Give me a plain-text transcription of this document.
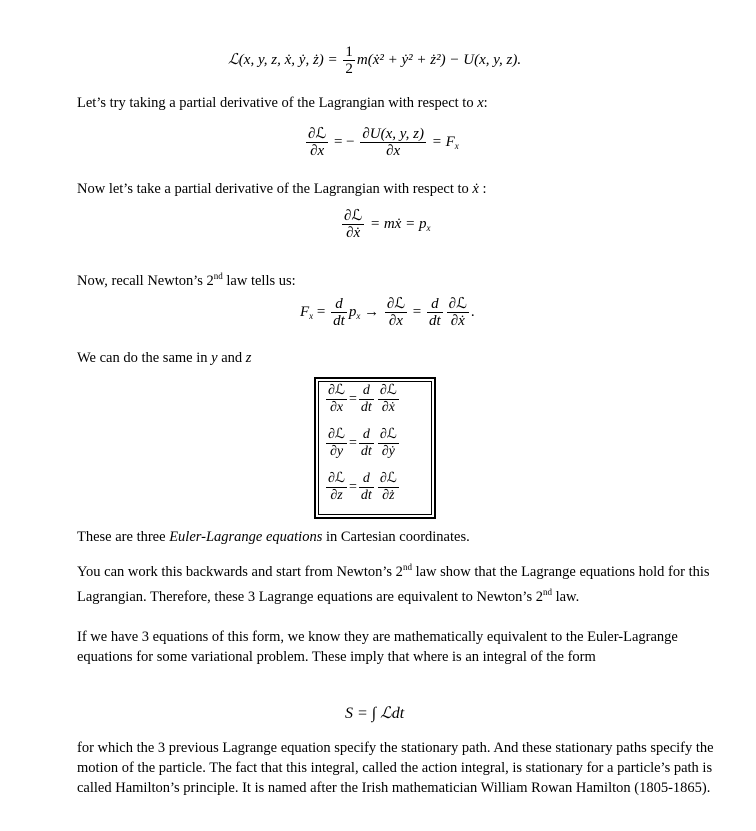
ℒ(x, y, z, ẋ, ẏ, ż) = $\frac{1}{2}$ m(ẋ² + ẏ² + ż²) − U(x, y, z).
Let’s try taking a partial derivative of the Lagrangian with respect to x:
$\frac{\text{∂ℒ}}{\partial x}$ = − $\frac{\partial U(x, y, z)}{\partial x} = F_x$
Now let’s take a partial derivative of the Lagrangian with respect to ẋ :
$\frac{\text{∂ℒ}}{\text{∂ẋ}}$ = mẋ = $p_x$
Now, recall Newton’s 2nd law tells us:
$F_x = \frac{d}{dt} p_x \to \frac{\text{∂ℒ}}{\partial x} = \frac{d}{dt} \frac{\text{∂ℒ}}{\text{∂ẋ}}$ .
We can do the same in y and z
$\frac{\text{∂ℒ}}{\partial x} = \frac{d}{dt} \frac{\text{∂ℒ}}{\text{∂ẋ}}$
$\frac{\text{∂ℒ}}{\partial y} = \frac{d}{dt} \frac{\text{∂ℒ}}{\text{∂ẏ}}$
$\frac{\text{∂ℒ}}{\partial z} = \frac{d}{dt} \frac{\text{∂ℒ}}{\partial ż}$
These are three Euler-Lagrange equations in Cartesian coordinates.
You can work this backwards and start from Newton’s 2nd law show that the Lagrange equations hold for this Lagrangian. Therefore, these 3 Lagrange equations are equivalent to Newton’s 2nd law.
If we have 3 equations of this form, we know they are mathematically equivalent to the Euler-Lagrange equations for some variational problem. These imply that where is an integral of the form
S = ∫ ℒdt
for which the 3 previous Lagrange equation specify the stationary path. And these stationary paths specify the motion of the particle. The fact that this integral, called the action integral, is stationary for a particle’s path is called Hamilton’s principle. It is named after the Irish mathematician William Rowan Hamilton (1805-1865).
